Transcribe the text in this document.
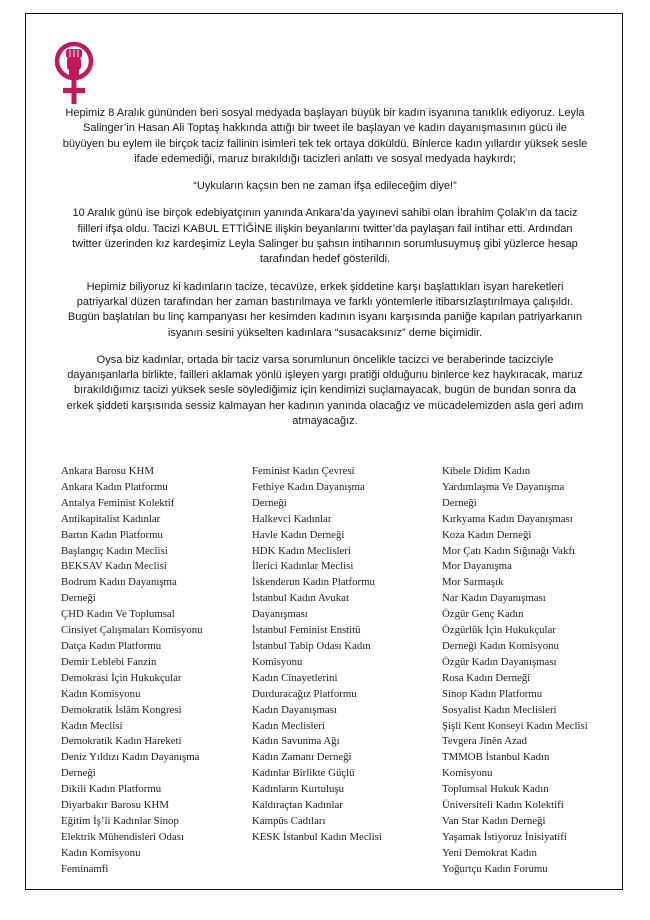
Hepimiz 8 Aralık gününden beri sosyal medyada başlayan büyük bir kadın isyanına tanıklık ediyoruz. Leyla Salinger’in Hasan Ali Toptaş hakkında attığı bir tweet ile başlayan ve kadın dayanışmasının gücü ile büyüyen bu eylem ile birçok taciz failinin isimleri tek tek ortaya döküldü. Binlerce kadın yıllardır yüksek sesle ifade edemediği, maruz bırakıldığı tacizleri anlattı ve sosyal medyada haykırdı;

“Uykuların kaçsın ben ne zaman ifşa edileceğim diye!”

10 Aralık günü ise birçok edebiyatçının yanında Ankara’da yayınevi sahibi olan İbrahim Çolak’ın da taciz fiilleri ifşa oldu. Tacizi KABUL ETTİĞİNE ilişkin beyanlarını twitter’da paylaşan fail intihar etti. Ardından twitter üzerinden kız kardeşimiz Leyla Salinger bu şahsın intiharının sorumlusuymuş gibi yüzlerce hesap tarafından hedef gösterildi.

Hepimiz biliyoruz ki kadınların tacize, tecavüze, erkek şiddetine karşı başlattıkları isyan hareketleri patriyarkal düzen tarafından her zaman bastırılmaya ve farklı yöntemlerle itibarsızlaştırılmaya çalışıldı. Bugün başlatılan bu linç kampanyası her kesimden kadının isyanı karşısında paniğe kapılan patriyarkanın isyanın sesini yükselten kadınlara “susacaksınız” deme biçimidir.

Oysa biz kadınlar, ortada bir taciz varsa sorumlunun öncelikle tacizci ve beraberinde tacizciyle dayanışanlarla birlikte, failleri aklamak yönlü işleyen yargı pratiği olduğunu binlerce kez haykıracak, maruz bırakıldığımız tacizi yüksek sesle söylediğimiz için kendimizi suçlamayacak, bugün de bundan sonra da erkek şiddeti karşısında sessiz kalmayan her kadının yanında olacağız ve mücadelemizden asla geri adım atmayacağız.

Ankara Barosu KHM
Ankara Kadın Platformu
Antalya Feminist Kolektif
Antikapitalist Kadınlar
Bartın Kadın Platformu
Başlangıç Kadın Meclisi
BEKSAV Kadın Meclisi
Bodrum Kadın Dayanışma
Derneği
ÇHD Kadın Ve Toplumsal
Cinsiyet Çalışmaları Komisyonu
Datça Kadın Platformu
Demir Leblebi Fanzin
Demokrasi İçin Hukukçular
Kadın Komisyonu
Demokratik İslâm Kongresi
Kadın Meclisi
Demokratik Kadın Hareketi
Deniz Yıldızı Kadın Dayanışma
Derneği
Dikili Kadın Platformu
Diyarbakır Barosu KHM
Eğitim İş’li Kadınlar Sinop
Elektrik Mühendisleri Odası
Kadın Komisyonu
Feminamfi
Feminist Kadın Çevresi
Fethiye Kadın Dayanışma
Derneği
Halkevci Kadınlar
Havle Kadın Derneği
HDK Kadın Meclisleri
İlerici Kadınlar Meclisi
İskenderun Kadın Platformu
İstanbul Kadın Avukat
Dayanışması
İstanbul Feminist Enstitü
İstanbul Tabip Odası Kadın
Komisyonu
Kadın Cinayetlerini
Durduracağız Platformu
Kadın Dayanışması
Kadın Meclisleri
Kadın Savunma Ağı
Kadın Zamanı Derneği
Kadınlar Birlikte Güçlü
Kadınların Kurtuluşu
Kaldıraçtan Kadınlar
Kampüs Cadıları
KESK İstanbul Kadın Meclisi
Kibele Didim Kadın
Yardımlaşma Ve Dayanışma
Derneği
Kırkyama Kadın Dayanışması
Koza Kadın Derneği
Mor Çatı Kadın Sığınağı Vakfı
Mor Dayanışma
Mor Sarmaşık
Nar Kadın Dayanışması
Özgür Genç Kadın
Özgürlük İçin Hukukçular
Derneği Kadın Komisyonu
Özgür Kadın Dayanışması
Rosa Kadın Derneği
Sinop Kadın Platformu
Sosyalist Kadın Meclisleri
Şişli Kent Konseyi Kadın Meclisi
Tevgera Jinên Azad
TMMOB İstanbul Kadın
Komisyonu
Toplumsal Hukuk Kadın
Üniversiteli Kadın Kolektifi
Van Star Kadın Derneği
Yaşamak İstiyoruz İnisiyatifi
Yeni Demokrat Kadın
Yoğurtçu Kadın Forumu
